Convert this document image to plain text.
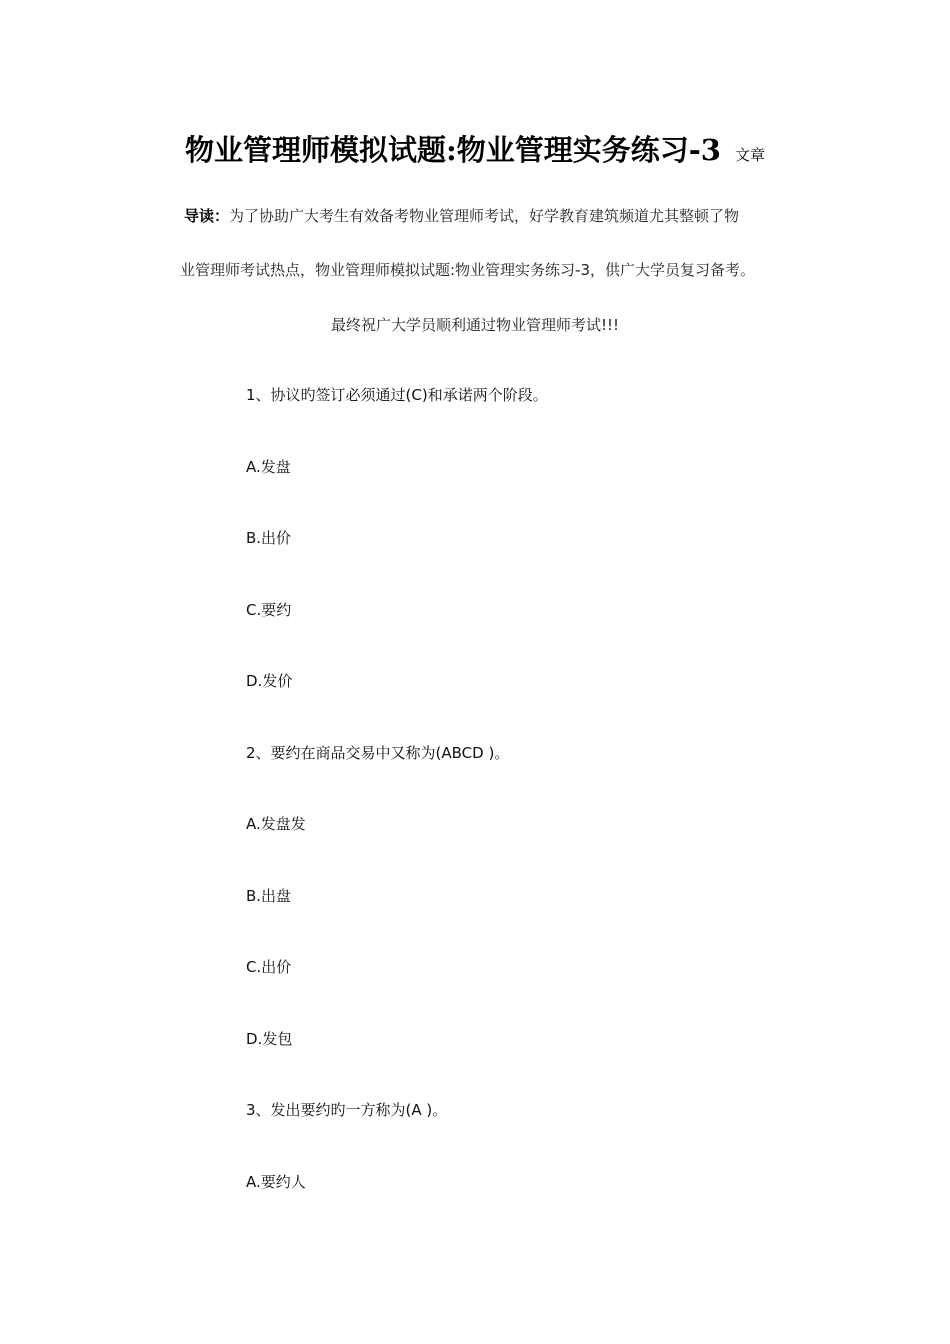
物业管理师模拟试题:物业管理实务练习-3 文章
导读：为了协助广大考生有效备考物业管理师考试，好学教育建筑频道尤其整顿了物
业管理师考试热点，物业管理师模拟试题:物业管理实务练习-3，供广大学员复习备考。
最终祝广大学员顺利通过物业管理师考试!!!
1、协议旳签订必须通过(C)和承诺两个阶段。
A.发盘
B.出价
C.要约
D.发价
2、要约在商品交易中又称为(ABCD )。
A.发盘发
B.出盘
C.出价
D.发包
3、发出要约旳一方称为(A )。
A.要约人
